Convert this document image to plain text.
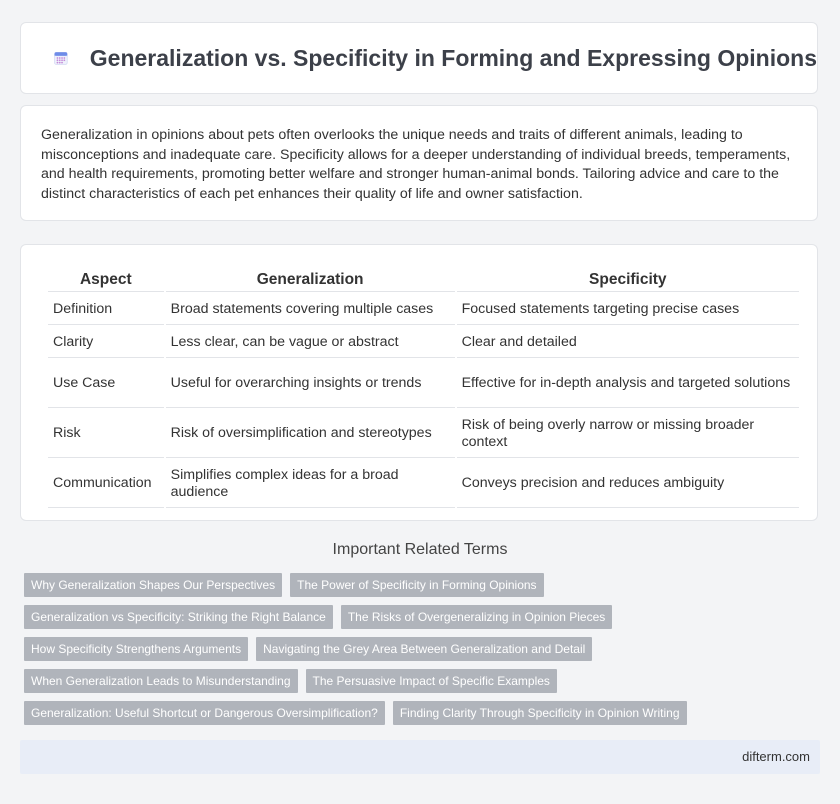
Generalization vs. Specificity in Forming and Expressing Opinions

Generalization in opinions about pets often overlooks the unique needs and traits of different animals, leading to misconceptions and inadequate care. Specificity allows for a deeper understanding of individual breeds, temperaments, and health requirements, promoting better welfare and stronger human-animal bonds. Tailoring advice and care to the distinct characteristics of each pet enhances their quality of life and owner satisfaction.

Aspect	Generalization	Specificity
Definition	Broad statements covering multiple cases	Focused statements targeting precise cases
Clarity	Less clear, can be vague or abstract	Clear and detailed
Use Case	Useful for overarching insights or trends	Effective for in-depth analysis and targeted solutions
Risk	Risk of oversimplification and stereotypes	Risk of being overly narrow or missing broader context
Communication	Simplifies complex ideas for a broad audience	Conveys precision and reduces ambiguity
Important Related Terms
Why Generalization Shapes Our Perspectives	The Power of Specificity in Forming Opinions
Generalization vs Specificity: Striking the Right Balance	The Risks of Overgeneralizing in Opinion Pieces
How Specificity Strengthens Arguments	Navigating the Grey Area Between Generalization and Detail
When Generalization Leads to Misunderstanding	The Persuasive Impact of Specific Examples
Generalization: Useful Shortcut or Dangerous Oversimplification?	Finding Clarity Through Specificity in Opinion Writing
difterm.com
